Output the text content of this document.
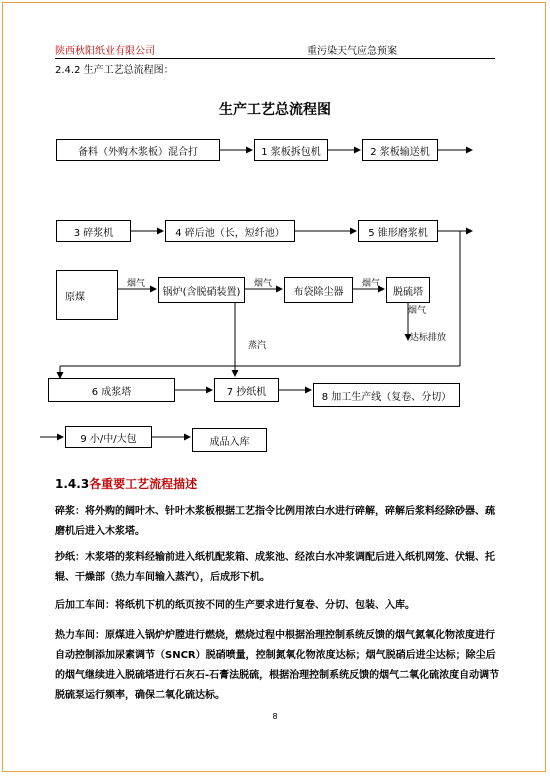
陕西秋阳纸业有限公司	重污染天气应急预案
2.4.2 生产工艺总流程图：
生产工艺总流程图
备料（外购木浆板）混合打	1 浆板拆包机	2 浆板输送机
3 碎浆机	4 碎后池（长，短纤池）	5 锥形磨浆机
原煤	锅炉(含脱硝装置)	布袋除尘器	脱硫塔
烟气	烟气	烟气
烟气
达标排放
蒸汽
6 成浆塔	7 抄纸机	8 加工生产线（复卷、分切）
9 小/中/大包	成品入库
1.4.3各重要工艺流程描述

碎浆：将外购的阔叶木、针叶木浆板根据工艺指令比例用浓白水进行碎解，碎解后浆料经除砂器、疏磨机后进入木浆塔。

抄纸：木浆塔的浆料经输前进入纸机配浆箱、成浆池、经浓白水冲浆调配后进入纸机网笼、伏辊、托辊、干燥部（热力车间输入蒸汽），后成形下机。

后加工车间：将纸机下机的纸页按不同的生产要求进行复卷、分切、包装、入库。

热力车间：原煤进入锅炉炉膛进行燃烧，燃烧过程中根据治理控制系统反馈的烟气氮氧化物浓度进行自动控制添加尿素调节（SNCR）脱硝喷量，控制氮氧化物浓度达标；烟气脱硝后进尘达标；除尘后的烟气继续进入脱硫塔进行石灰石-石膏法脱硫，根据治理控制系统反馈的烟气二氧化硫浓度自动调节脱硫泵运行频率，确保二氧化硫达标。

8
